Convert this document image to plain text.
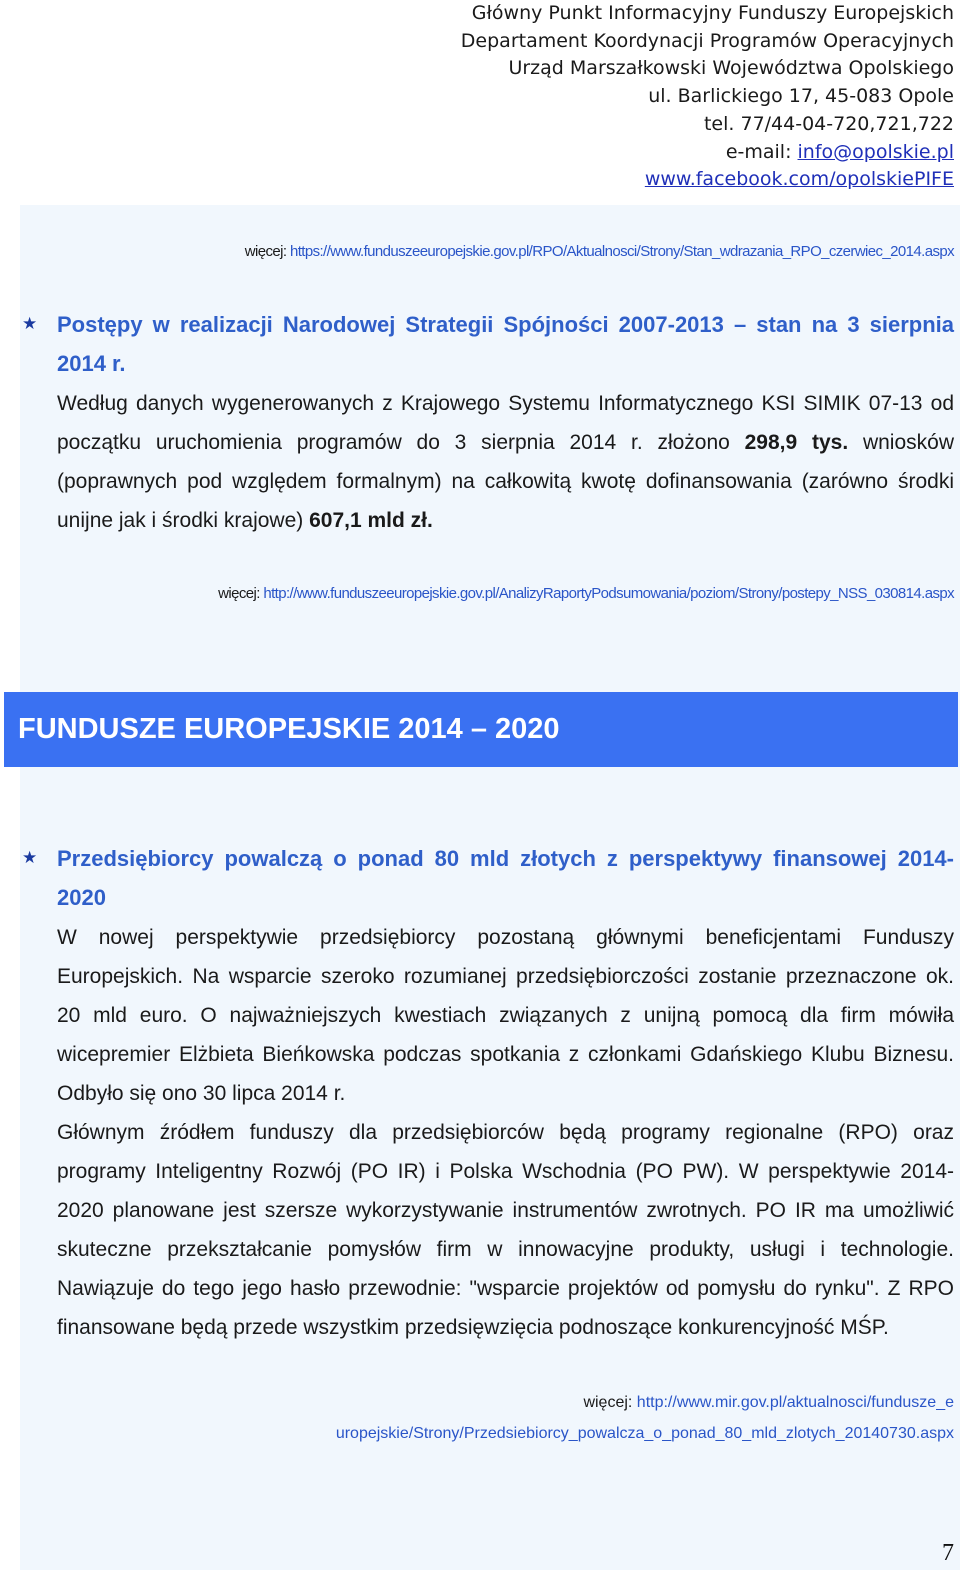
Główny Punkt Informacyjny Funduszy Europejskich
Departament Koordynacji Programów Operacyjnych
Urząd Marszałkowski Województwa Opolskiego
ul. Barlickiego 17, 45-083 Opole
tel. 77/44-04-720,721,722
e-mail: info@opolskie.pl
www.facebook.com/opolskiePIFE
więcej: https://www.funduszeeuropejskie.gov.pl/RPO/Aktualnosci/Strony/Stan_wdrazania_RPO_czerwiec_2014.aspx
★ Postępy w realizacji Narodowej Strategii Spójności 2007-2013 – stan na 3 sierpnia 2014 r.

Według danych wygenerowanych z Krajowego Systemu Informatycznego KSI SIMIK 07-13 od początku uruchomienia programów do 3 sierpnia 2014 r. złożono 298,9 tys. wniosków (poprawnych pod względem formalnym) na całkowitą kwotę dofinansowania (zarówno środki unijne jak i środki krajowe) 607,1 mld zł.

więcej: http://www.funduszeeuropejskie.gov.pl/AnalizyRaportyPodsumowania/poziom/Strony/postepy_NSS_030814.aspx
FUNDUSZE EUROPEJSKIE 2014 – 2020
★ Przedsiębiorcy powalczą o ponad 80 mld złotych z perspektywy finansowej 2014-2020

W nowej perspektywie przedsiębiorcy pozostaną głównymi beneficjentami Funduszy Europejskich. Na wsparcie szeroko rozumianej przedsiębiorczości zostanie przeznaczone ok. 20 mld euro. O najważniejszych kwestiach związanych z unijną pomocą dla firm mówiła wicepremier Elżbieta Bieńkowska podczas spotkania z członkami Gdańskiego Klubu Biznesu. Odbyło się ono 30 lipca 2014 r.

Głównym źródłem funduszy dla przedsiębiorców będą programy regionalne (RPO) oraz programy Inteligentny Rozwój (PO IR) i Polska Wschodnia (PO PW). W perspektywie 2014-2020 planowane jest szersze wykorzystywanie instrumentów zwrotnych. PO IR ma umożliwić skuteczne przekształcanie pomysłów firm w innowacyjne produkty, usługi i technologie. Nawiązuje do tego jego hasło przewodnie: "wsparcie projektów od pomysłu do rynku". Z RPO finansowane będą przede wszystkim przedsięwzięcia podnoszące konkurencyjność MŚP.

więcej: http://www.mir.gov.pl/aktualnosci/fundusze_e
uropejskie/Strony/Przedsiebiorcy_powalcza_o_ponad_80_mld_zlotych_20140730.aspx
7
